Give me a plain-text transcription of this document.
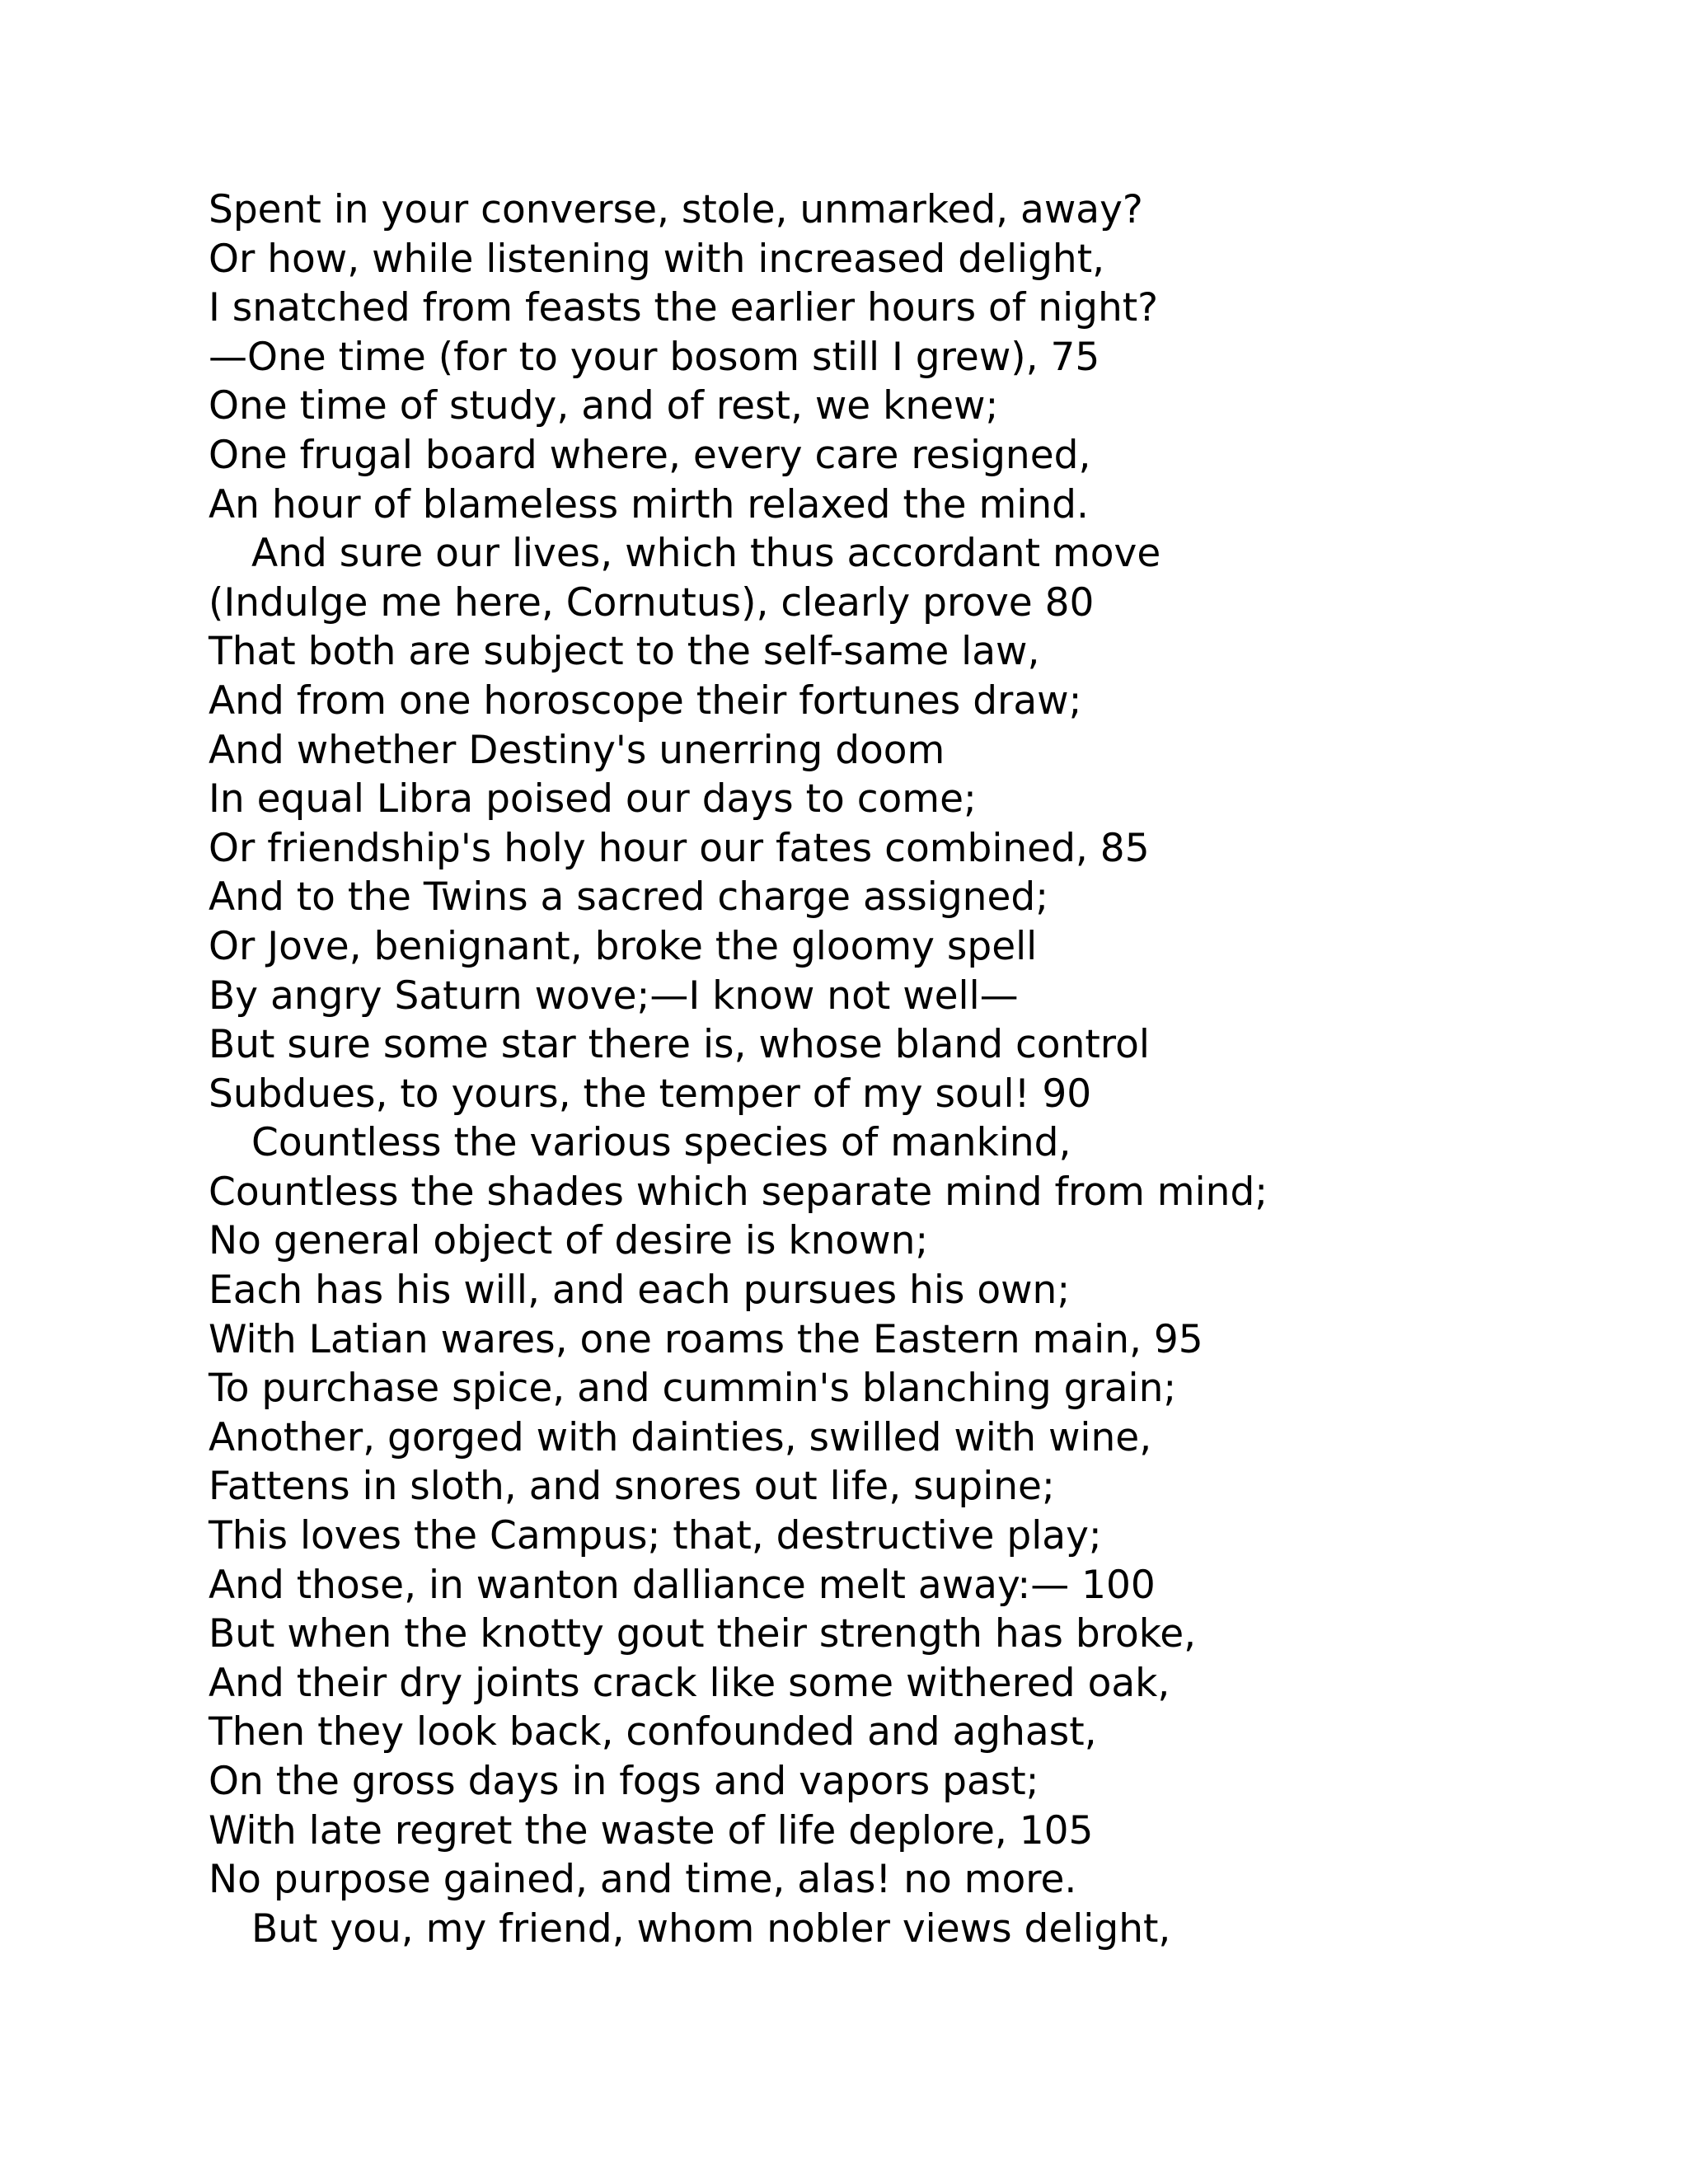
Spent in your converse, stole, unmarked, away?
Or how, while listening with increased delight,
I snatched from feasts the earlier hours of night?
—One time (for to your bosom still I grew), 75
One time of study, and of rest, we knew;
One frugal board where, every care resigned,
An hour of blameless mirth relaxed the mind.
And sure our lives, which thus accordant move
(Indulge me here, Cornutus), clearly prove 80
That both are subject to the self-same law,
And from one horoscope their fortunes draw;
And whether Destiny's unerring doom
In equal Libra poised our days to come;
Or friendship's holy hour our fates combined, 85
And to the Twins a sacred charge assigned;
Or Jove, benignant, broke the gloomy spell
By angry Saturn wove;—I know not well—
But sure some star there is, whose bland control
Subdues, to yours, the temper of my soul! 90
Countless the various species of mankind,
Countless the shades which separate mind from mind;
No general object of desire is known;
Each has his will, and each pursues his own;
With Latian wares, one roams the Eastern main, 95
To purchase spice, and cummin's blanching grain;
Another, gorged with dainties, swilled with wine,
Fattens in sloth, and snores out life, supine;
This loves the Campus; that, destructive play;
And those, in wanton dalliance melt away:— 100
But when the knotty gout their strength has broke,
And their dry joints crack like some withered oak,
Then they look back, confounded and aghast,
On the gross days in fogs and vapors past;
With late regret the waste of life deplore, 105
No purpose gained, and time, alas! no more.
But you, my friend, whom nobler views delight,
